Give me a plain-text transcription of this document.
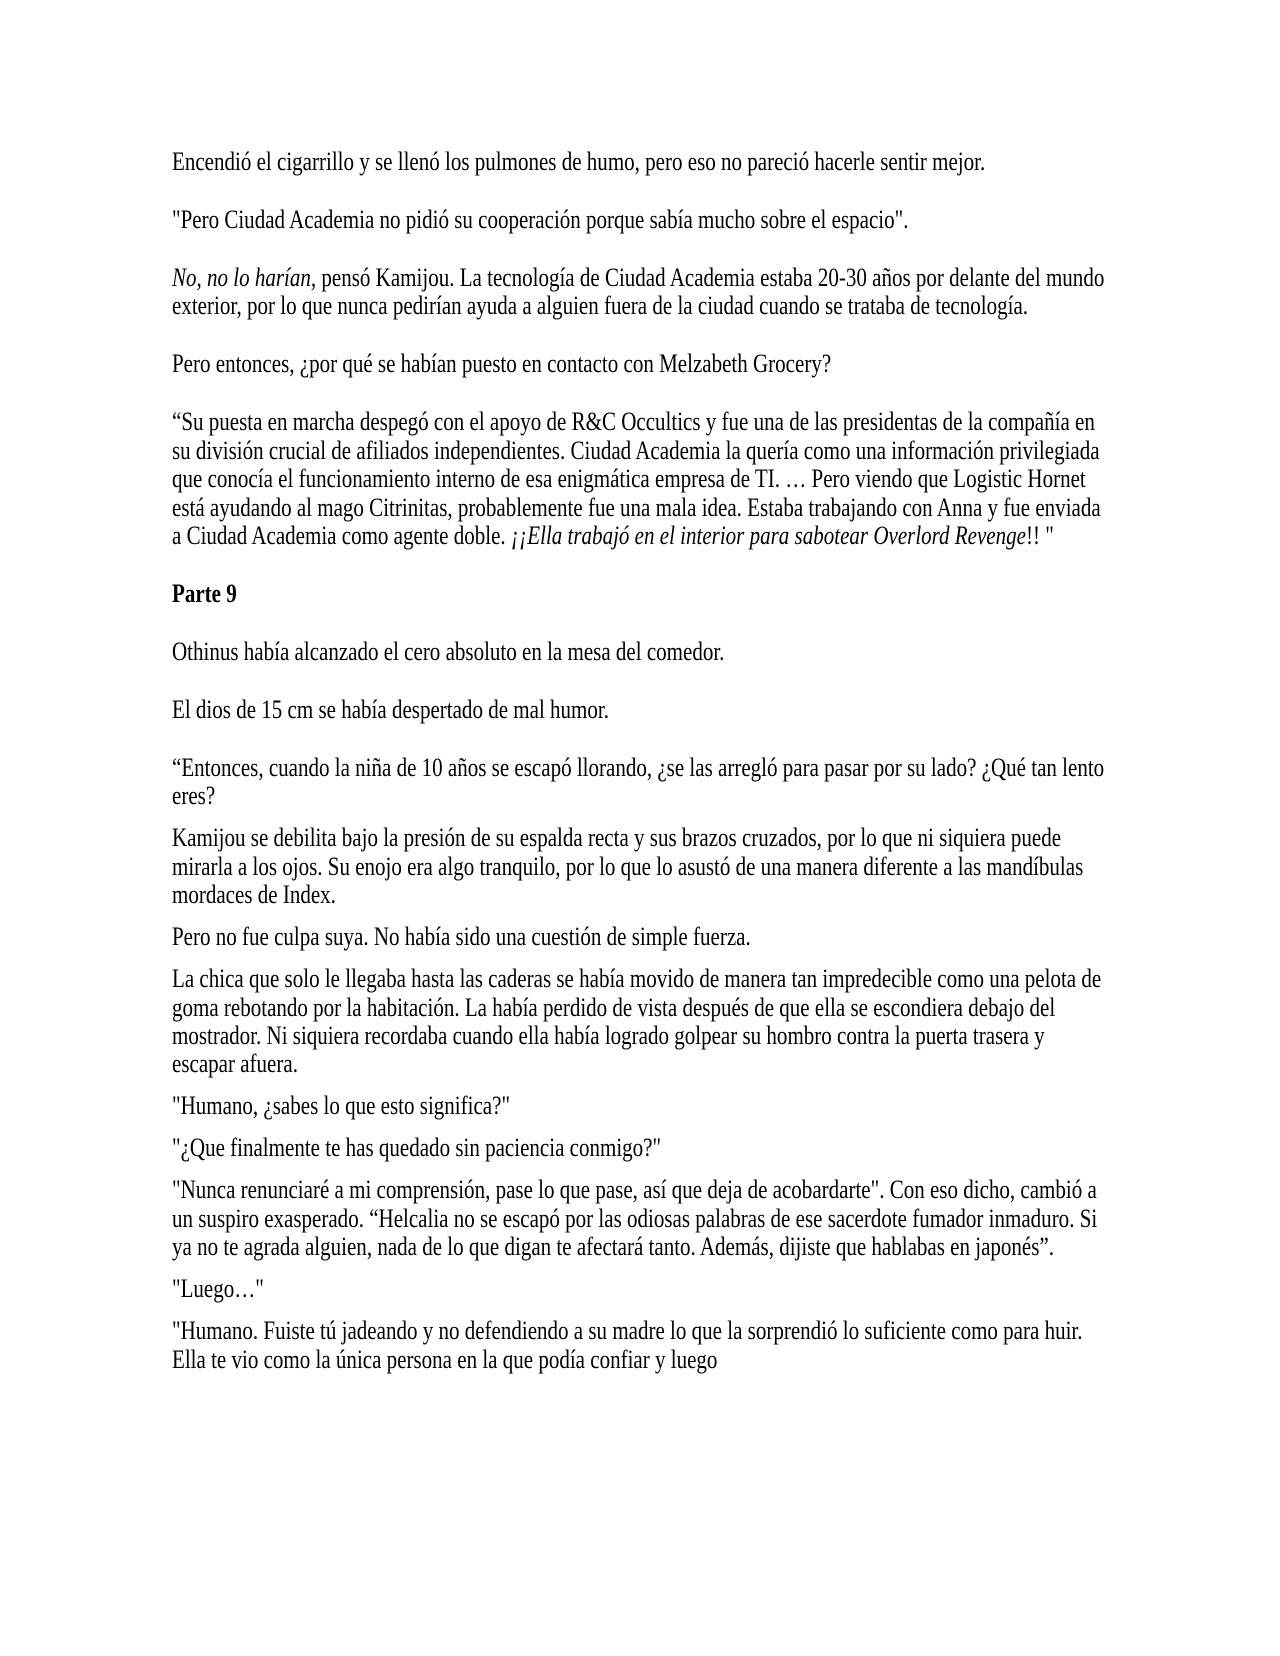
Encendió el cigarrillo y se llenó los pulmones de humo, pero eso no pareció hacerle sentir mejor.

"Pero Ciudad Academia no pidió su cooperación porque sabía mucho sobre el espacio".

No, no lo harían, pensó Kamijou. La tecnología de Ciudad Academia estaba 20-30 años por delante del mundo exterior, por lo que nunca pedirían ayuda a alguien fuera de la ciudad cuando se trataba de tecnología.

Pero entonces, ¿por qué se habían puesto en contacto con Melzabeth Grocery?

“Su puesta en marcha despegó con el apoyo de R&C Occultics y fue una de las presidentas de la compañía en su división crucial de afiliados independientes. Ciudad Academia la quería como una información privilegiada que conocía el funcionamiento interno de esa enigmática empresa de TI. … Pero viendo que Logistic Hornet está ayudando al mago Citrinitas, probablemente fue una mala idea. Estaba trabajando con Anna y fue enviada a Ciudad Academia como agente doble. ¡¡Ella trabajó en el interior para sabotear Overlord Revenge!! "

Parte 9

Othinus había alcanzado el cero absoluto en la mesa del comedor.

El dios de 15 cm se había despertado de mal humor.

“Entonces, cuando la niña de 10 años se escapó llorando, ¿se las arregló para pasar por su lado? ¿Qué tan lento eres?

Kamijou se debilita bajo la presión de su espalda recta y sus brazos cruzados, por lo que ni siquiera puede mirarla a los ojos. Su enojo era algo tranquilo, por lo que lo asustó de una manera diferente a las mandíbulas mordaces de Index.

Pero no fue culpa suya. No había sido una cuestión de simple fuerza.

La chica que solo le llegaba hasta las caderas se había movido de manera tan impredecible como una pelota de goma rebotando por la habitación. La había perdido de vista después de que ella se escondiera debajo del mostrador. Ni siquiera recordaba cuando ella había logrado golpear su hombro contra la puerta trasera y escapar afuera.

"Humano, ¿sabes lo que esto significa?"

"¿Que finalmente te has quedado sin paciencia conmigo?"

"Nunca renunciaré a mi comprensión, pase lo que pase, así que deja de acobardarte". Con eso dicho, cambió a un suspiro exasperado. “Helcalia no se escapó por las odiosas palabras de ese sacerdote fumador inmaduro. Si ya no te agrada alguien, nada de lo que digan te afectará tanto. Además, dijiste que hablabas en japonés”.

"Luego…"

"Humano. Fuiste tú jadeando y no defendiendo a su madre lo que la sorprendió lo suficiente como para huir. Ella te vio como la única persona en la que podía confiar y luego
